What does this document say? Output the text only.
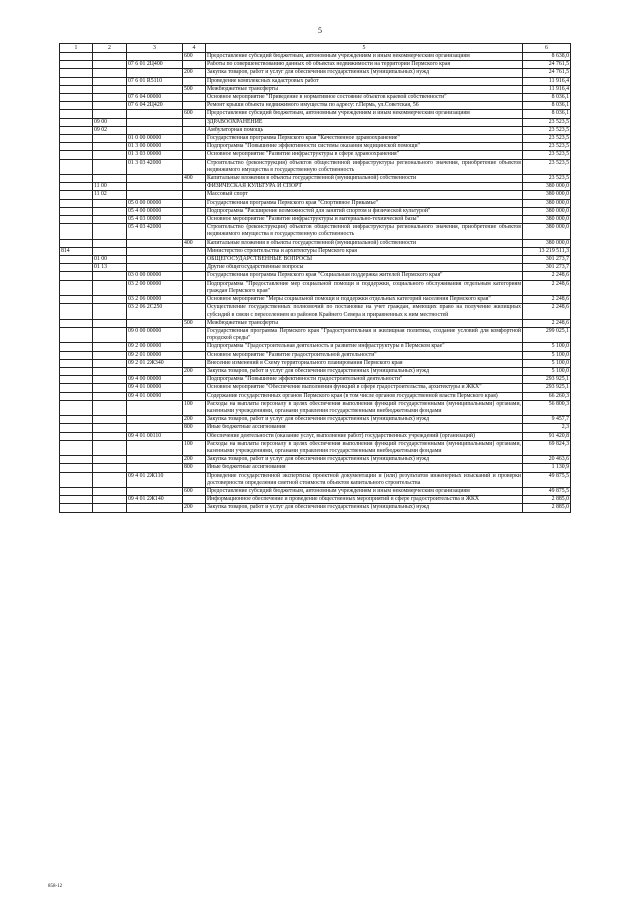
5
1	2	3	4	5	6
			600	Предоставление субсидий бюджетным, автономным учреждениям и иным некоммерческим организациям	8 638,0
		07 6 01 2Ц400		Работы по совершенствованию данных об объектах недвижимости на территории Пермского края	24 761,5
			200	Закупка товаров, работ и услуг для обеспечения государственных (муниципальных) нужд	24 761,5
		07 6 01 R5110		Проведение комплексных кадастровых работ	11 916,4
			500	Межбюджетные трансферты	11 916,4
		07 6 04 00000		Основное мероприятие "Приведение в нормативное состояние объектов краевой собственности"	8 036,1
		07 6 04 2Ц420		Ремонт крыши объекта недвижимого имущества по адресу: г.Пермь, ул.Советская, 56	8 036,1
			600	Предоставление субсидий бюджетным, автономным учреждениям и иным некоммерческим организациям	8 036,1
	09 00			ЗДРАВООХРАНЕНИЕ	23 523,5
	09 02			Амбулаторная помощь	23 523,5
		01 0 00 00000		Государственная программа Пермского края "Качественное здравоохранение"	23 523,5
		01 3 00 00000		Подпрограмма "Повышение эффективности системы оказания медицинской помощи"	23 523,5
		01 3 03 00000		Основное мероприятие "Развитие инфраструктуры в сфере здравоохранения"	23 523,5
		01 3 03 42000		Строительство (реконструкция) объектов общественной инфраструктуры регионального значения, приобретение объектов недвижимого имущества в государственную собственность	23 523,5
			400	Капитальные вложения в объекты государственной (муниципальной) собственности	23 523,5
	11 00			ФИЗИЧЕСКАЯ КУЛЬТУРА И СПОРТ	380 000,0
	11 02			Массовый спорт	380 000,0
		05 0 00 00000		Государственная программа Пермского края "Спортивное Прикамье"	380 000,0
		05 4 00 00000		Подпрограмма "Расширение возможностей для занятий спортом и физической культурой"	380 000,0
		05 4 03 00000		Основное мероприятие "Развитие инфраструктуры и материально-технической базы"	380 000,0
		05 4 03 42000		Строительство (реконструкция) объектов общественной инфраструктуры регионального значения, приобретение объектов недвижимого имущества в государственную собственность	380 000,0
			400	Капитальные вложения в объекты государственной (муниципальной) собственности	380 000,0
814				Министерство строительства и архитектуры Пермского края	13 219 511,3
	01 00			ОБЩЕГОСУДАРСТВЕННЫЕ ВОПРОСЫ	301 273,7
	01 13			Другие общегосударственные вопросы	301 273,7
		03 0 00 00000		Государственная программа Пермского края "Социальная поддержка жителей Пермского края"	2 248,6
		03 2 00 00000		Подпрограмма "Предоставление мер социальной помощи и поддержки, социального обслуживания отдельным категориям граждан Пермского края"	2 248,6
		03 2 06 00000		Основное мероприятие "Меры социальной помощи и поддержки отдельных категорий населения Пермского края"	2 248,6
		03 2 06 2С250		Осуществление государственных полномочий по постановке на учет граждан, имеющих право на получение жилищных субсидий в связи с переселением из районов Крайнего Севера и приравненных к ним местностей	2 248,6
			500	Межбюджетные трансферты	2 248,6
		09 0 00 00000		Государственная программа Пермского края "Градостроительная и жилищная политика, создание условий для комфортной городской среды"	299 025,1
		09 2 00 00000		Подпрограмма "Градостроительная деятельность и развитие инфраструктуры в Пермском крае"	5 100,0
		09 2 01 00000		Основное мероприятие "Развитие градостроительной деятельности"	5 100,0
		09 2 01 2Ж340		Внесение изменений в Схему территориального планирования Пермского края	5 100,0
			200	Закупка товаров, работ и услуг для обеспечения государственных (муниципальных) нужд	5 100,0
		09 4 00 00000		Подпрограмма "Повышение эффективности градостроительной деятельности"	293 925,1
		09 4 01 00000		Основное мероприятие "Обеспечение выполнения функций в сфере градостроительства, архитектуры и ЖКХ"	293 925,1
		09 4 01 00090		Содержание государственных органов Пермского края (в том числе органов государственной власти Пермского края)	66 260,3
			100	Расходы на выплаты персоналу в целях обеспечения выполнения функций государственными (муниципальными) органами, казенными учреждениями, органами управления государственными внебюджетными фондами	56 800,3
			200	Закупка товаров, работ и услуг для обеспечения государственных (муниципальных) нужд	9 457,7
			800	Иные бюджетные ассигнования	2,3
		09 4 01 00110		Обеспечение деятельности (оказание услуг, выполнение работ) государственных учреждений (организаций)	91 420,8
			100	Расходы на выплаты персоналу в целях обеспечения выполнения функций государственными (муниципальными) органами, казенными учреждениями, органами управления государственными внебюджетными фондами	69 824,3
			200	Закупка товаров, работ и услуг для обеспечения государственных (муниципальных) нужд	20 463,6
			800	Иные бюджетные ассигнования	1 130,9
		09 4 01 2Ж110		Проведение государственной экспертизы проектной документации и (или) результатов инженерных изысканий и проверки достоверности определения сметной стоимости объектов капитального строительства	49 875,5
			600	Предоставление субсидий бюджетным, автономным учреждениям и иным некоммерческим организациям	49 875,5
		09 4 01 2Ж140		Информационное обеспечение и проведение общественных мероприятий в сфере градостроительства и ЖКХ	2 885,0
			200	Закупка товаров, работ и услуг для обеспечения государственных (муниципальных) нужд	2 885,0
858-12
